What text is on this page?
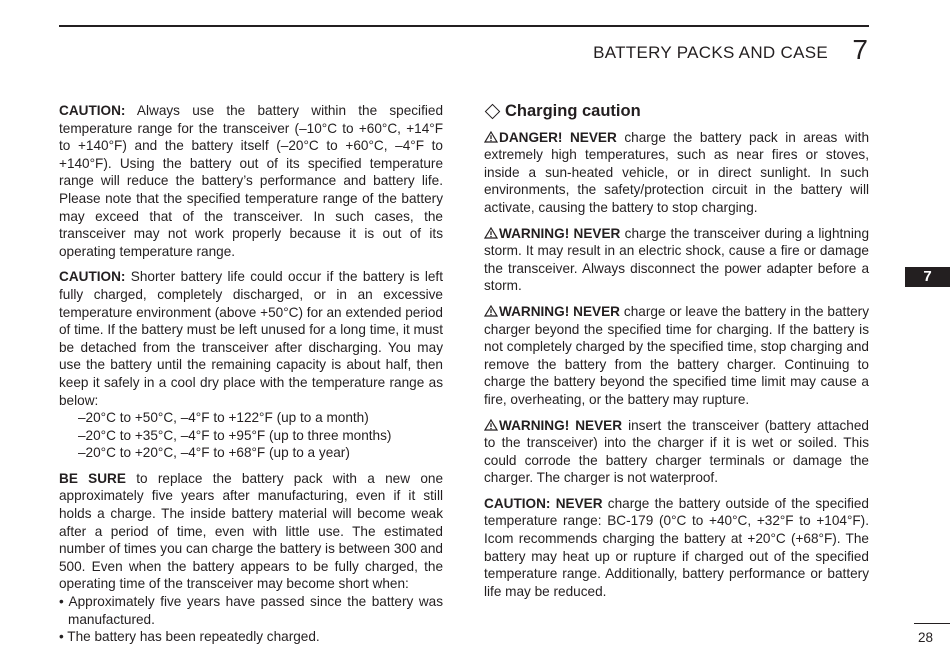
BATTERY PACKS AND CASE 7

CAUTION: Always use the battery within the specified temperature range for the transceiver (–10°C to +60°C, +14°F to +140°F) and the battery itself (–20°C to +60°C, –4°F to +140°F). Using the battery out of its specified temperature range will reduce the battery’s performance and battery life. Please note that the specified temperature range of the battery may exceed that of the transceiver. In such cases, the transceiver may not work properly because it is out of its operating temperature range.

CAUTION: Shorter battery life could occur if the battery is left fully charged, completely discharged, or in an excessive temperature environment (above +50°C) for an extended period of time. If the battery must be left unused for a long time, it must be detached from the transceiver after discharging. You may use the battery until the remaining capacity is about half, then keep it safely in a cool dry place with the temperature range as below:

–20°C to +50°C, –4°F to +122°F (up to a month)

–20°C to +35°C, –4°F to +95°F (up to three months)

–20°C to +20°C, –4°F to +68°F (up to a year)

BE SURE to replace the battery pack with a new one approximately five years after manufacturing, even if it still holds a charge. The inside battery material will become weak after a period of time, even with little use. The estimated number of times you can charge the battery is between 300 and 500. Even when the battery appears to be fully charged, the operating time of the transceiver may become short when:

• Approximately five years have passed since the battery was manufactured.

• The battery has been repeatedly charged.

Charging caution

DANGER! NEVER charge the battery pack in areas with extremely high temperatures, such as near fires or stoves, inside a sun-heated vehicle, or in direct sunlight. In such environments, the safety/protection circuit in the battery will activate, causing the battery to stop charging.

WARNING! NEVER charge the transceiver during a lightning storm. It may result in an electric shock, cause a fire or damage the transceiver. Always disconnect the power adapter before a storm.

WARNING! NEVER charge or leave the battery in the battery charger beyond the specified time for charging. If the battery is not completely charged by the specified time, stop charging and remove the battery from the battery charger. Continuing to charge the battery beyond the specified time limit may cause a fire, overheating, or the battery may rupture.

WARNING! NEVER insert the transceiver (battery attached to the transceiver) into the charger if it is wet or soiled. This could corrode the battery charger terminals or damage the charger. The charger is not waterproof.

CAUTION: NEVER charge the battery outside of the specified temperature range: BC-179 (0°C to +40°C, +32°F to +104°F). Icom recommends charging the battery at +20°C (+68°F). The battery may heat up or rupture if charged out of the specified temperature range. Additionally, battery performance or battery life may be reduced.

7
28
